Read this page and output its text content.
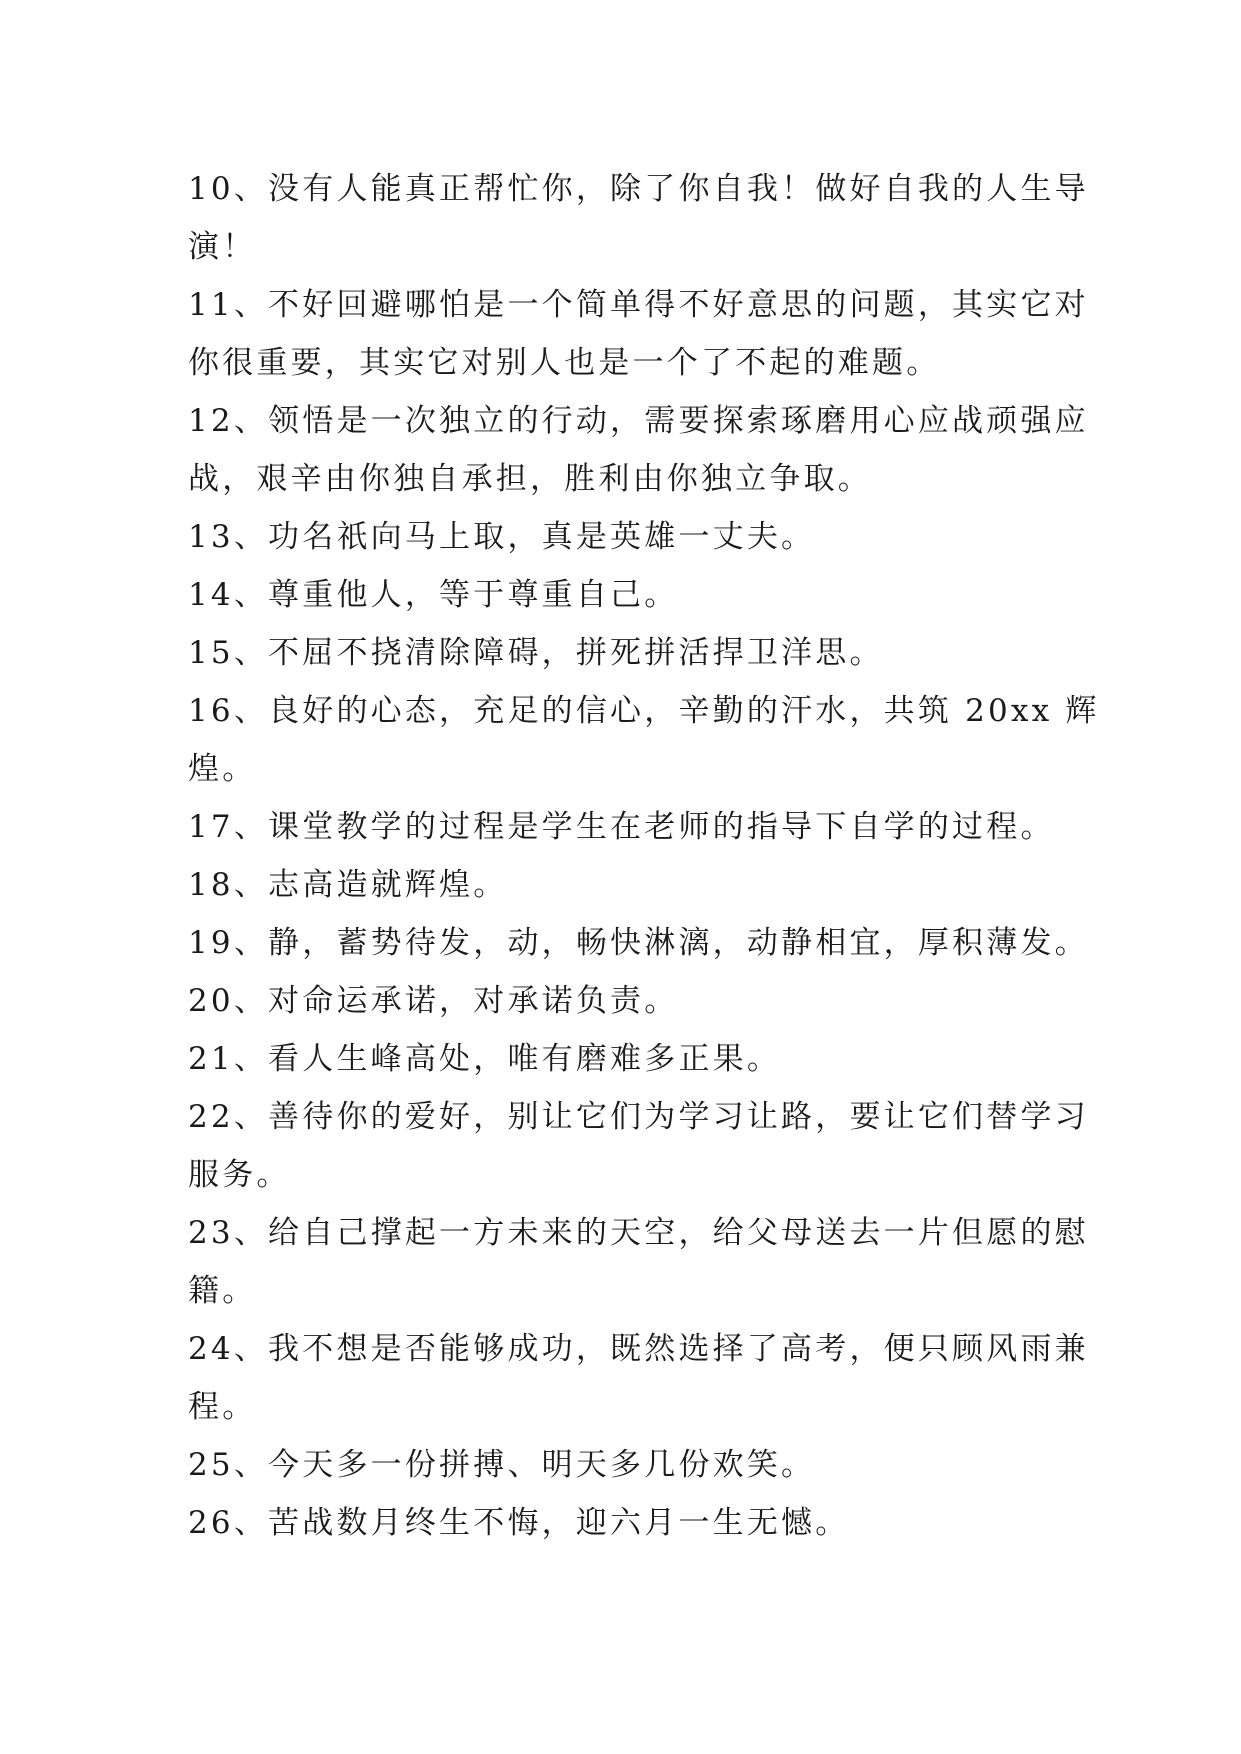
10、没有人能真正帮忙你，除了你自我！做好自我的人生导
演！
11、不好回避哪怕是一个简单得不好意思的问题，其实它对
你很重要，其实它对别人也是一个了不起的难题。
12、领悟是一次独立的行动，需要探索琢磨用心应战顽强应
战，艰辛由你独自承担，胜利由你独立争取。
13、功名祇向马上取，真是英雄一丈夫。
14、尊重他人，等于尊重自己。
15、不屈不挠清除障碍，拼死拼活捍卫洋思。
16、良好的心态，充足的信心，辛勤的汗水，共筑 20xx 辉
煌。
17、课堂教学的过程是学生在老师的指导下自学的过程。
18、志高造就辉煌。
19、静，蓄势待发，动，畅快淋漓，动静相宜，厚积薄发。
20、对命运承诺，对承诺负责。
21、看人生峰高处，唯有磨难多正果。
22、善待你的爱好，别让它们为学习让路，要让它们替学习
服务。
23、给自己撑起一方未来的天空，给父母送去一片但愿的慰
籍。
24、我不想是否能够成功，既然选择了高考，便只顾风雨兼
程。
25、今天多一份拼搏、明天多几份欢笑。
26、苦战数月终生不悔，迎六月一生无憾。
